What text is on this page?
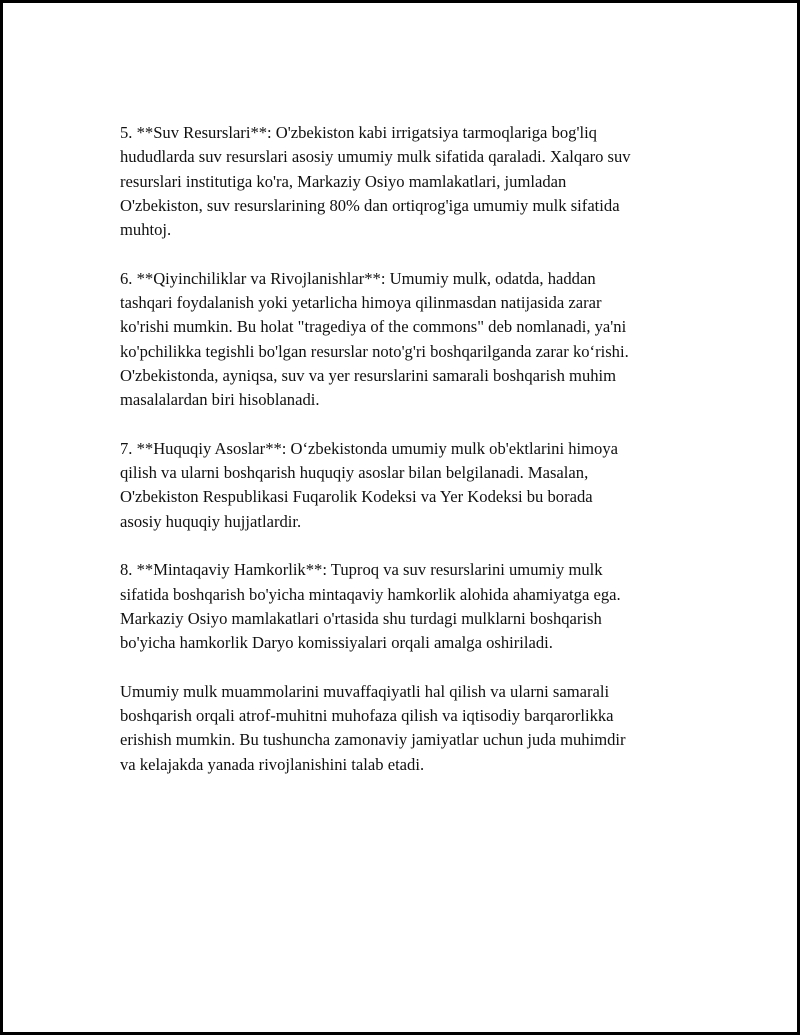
5. **Suv Resurslari**: O'zbekiston kabi irrigatsiya tarmoqlariga bog'liq
hududlarda suv resurslari asosiy umumiy mulk sifatida qaraladi. Xalqaro suv
resurslari institutiga ko'ra, Markaziy Osiyo mamlakatlari, jumladan
O'zbekiston, suv resurslarining 80% dan ortiqrog'iga umumiy mulk sifatida
muhtoj.

6. **Qiyinchiliklar va Rivojlanishlar**: Umumiy mulk, odatda, haddan
tashqari foydalanish yoki yetarlicha himoya qilinmasdan natijasida zarar
ko'rishi mumkin. Bu holat "tragediya of the commons" deb nomlanadi, ya'ni
ko'pchilikka tegishli bo'lgan resurslar noto'g'ri boshqarilganda zarar ko‘rishi.
O'zbekistonda, ayniqsa, suv va yer resurslarini samarali boshqarish muhim
masalalardan biri hisoblanadi.

7. **Huquqiy Asoslar**: O‘zbekistonda umumiy mulk ob'ektlarini himoya
qilish va ularni boshqarish huquqiy asoslar bilan belgilanadi. Masalan,
O'zbekiston Respublikasi Fuqarolik Kodeksi va Yer Kodeksi bu borada
asosiy huquqiy hujjatlardir.

8. **Mintaqaviy Hamkorlik**: Tuproq va suv resurslarini umumiy mulk
sifatida boshqarish bo'yicha mintaqaviy hamkorlik alohida ahamiyatga ega.
Markaziy Osiyo mamlakatlari o'rtasida shu turdagi mulklarni boshqarish
bo'yicha hamkorlik Daryo komissiyalari orqali amalga oshiriladi.

Umumiy mulk muammolarini muvaffaqiyatli hal qilish va ularni samarali
boshqarish orqali atrof-muhitni muhofaza qilish va iqtisodiy barqarorlikka
erishish mumkin. Bu tushuncha zamonaviy jamiyatlar uchun juda muhimdir
va kelajakda yanada rivojlanishini talab etadi.
